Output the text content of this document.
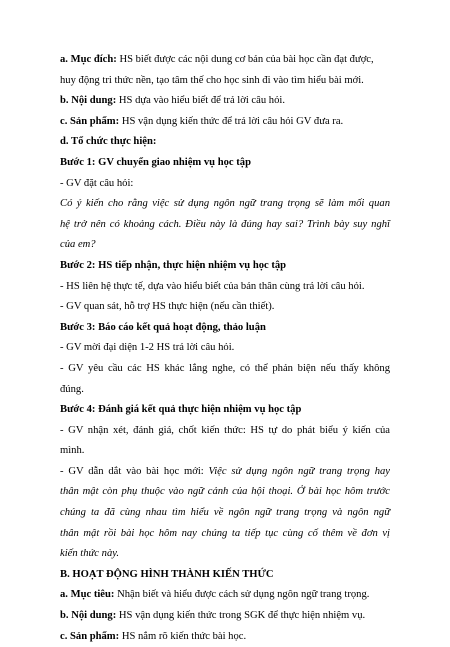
a. Mục đích: HS biết được các nội dung cơ bản của bài học cần đạt được,

huy động tri thức nền, tạo tâm thế cho học sinh đi vào tìm hiểu bài mới.

b. Nội dung: HS dựa vào hiểu biết để trả lời câu hỏi.

c. Sản phẩm: HS vận dụng kiến thức để trả lời câu hỏi GV đưa ra.

d. Tổ chức thực hiện:

Bước 1: GV chuyển giao nhiệm vụ học tập

- GV đặt câu hỏi:

Có ý kiến cho rằng việc sử dụng ngôn ngữ trang trọng sẽ làm mối quan

hệ trở nên có khoảng cách. Điều này là đúng hay sai? Trình bày suy nghĩ

của em?

Bước 2: HS tiếp nhận, thực hiện nhiệm vụ học tập

- HS liên hệ thực tế, dựa vào hiểu biết của bản thân cùng trả lời câu hỏi.

- GV quan sát, hỗ trợ HS thực hiện (nếu cần thiết).

Bước 3: Báo cáo kết quả hoạt động, thảo luận

- GV mời đại diện 1-2 HS trả lời câu hỏi.

- GV yêu cầu các HS khác lắng nghe, có thể phản biện nếu thấy không

đúng.

Bước 4: Đánh giá kết quả thực hiện nhiệm vụ học tập

- GV nhận xét, đánh giá, chốt kiến thức: HS tự do phát biểu ý kiến của

mình.

- GV dẫn dắt vào bài học mới: Việc sử dụng ngôn ngữ trang trọng hay

thân mật còn phụ thuộc vào ngữ cảnh của hội thoại. Ở bài học hôm trước

chúng ta đã cùng nhau tìm hiểu về ngôn ngữ trang trọng và ngôn ngữ

thân mật rồi bài học hôm nay chúng ta tiếp tục cùng cố thêm về đơn vị

kiến thức này.

B. HOẠT ĐỘNG HÌNH THÀNH KIẾN THỨC

a. Mục tiêu: Nhận biết và hiểu được cách sử dụng ngôn ngữ trang trọng.

b. Nội dung: HS vận dụng kiến thức trong SGK để thực hiện nhiệm vụ.

c. Sản phẩm: HS nắm rõ kiến thức bài học.
